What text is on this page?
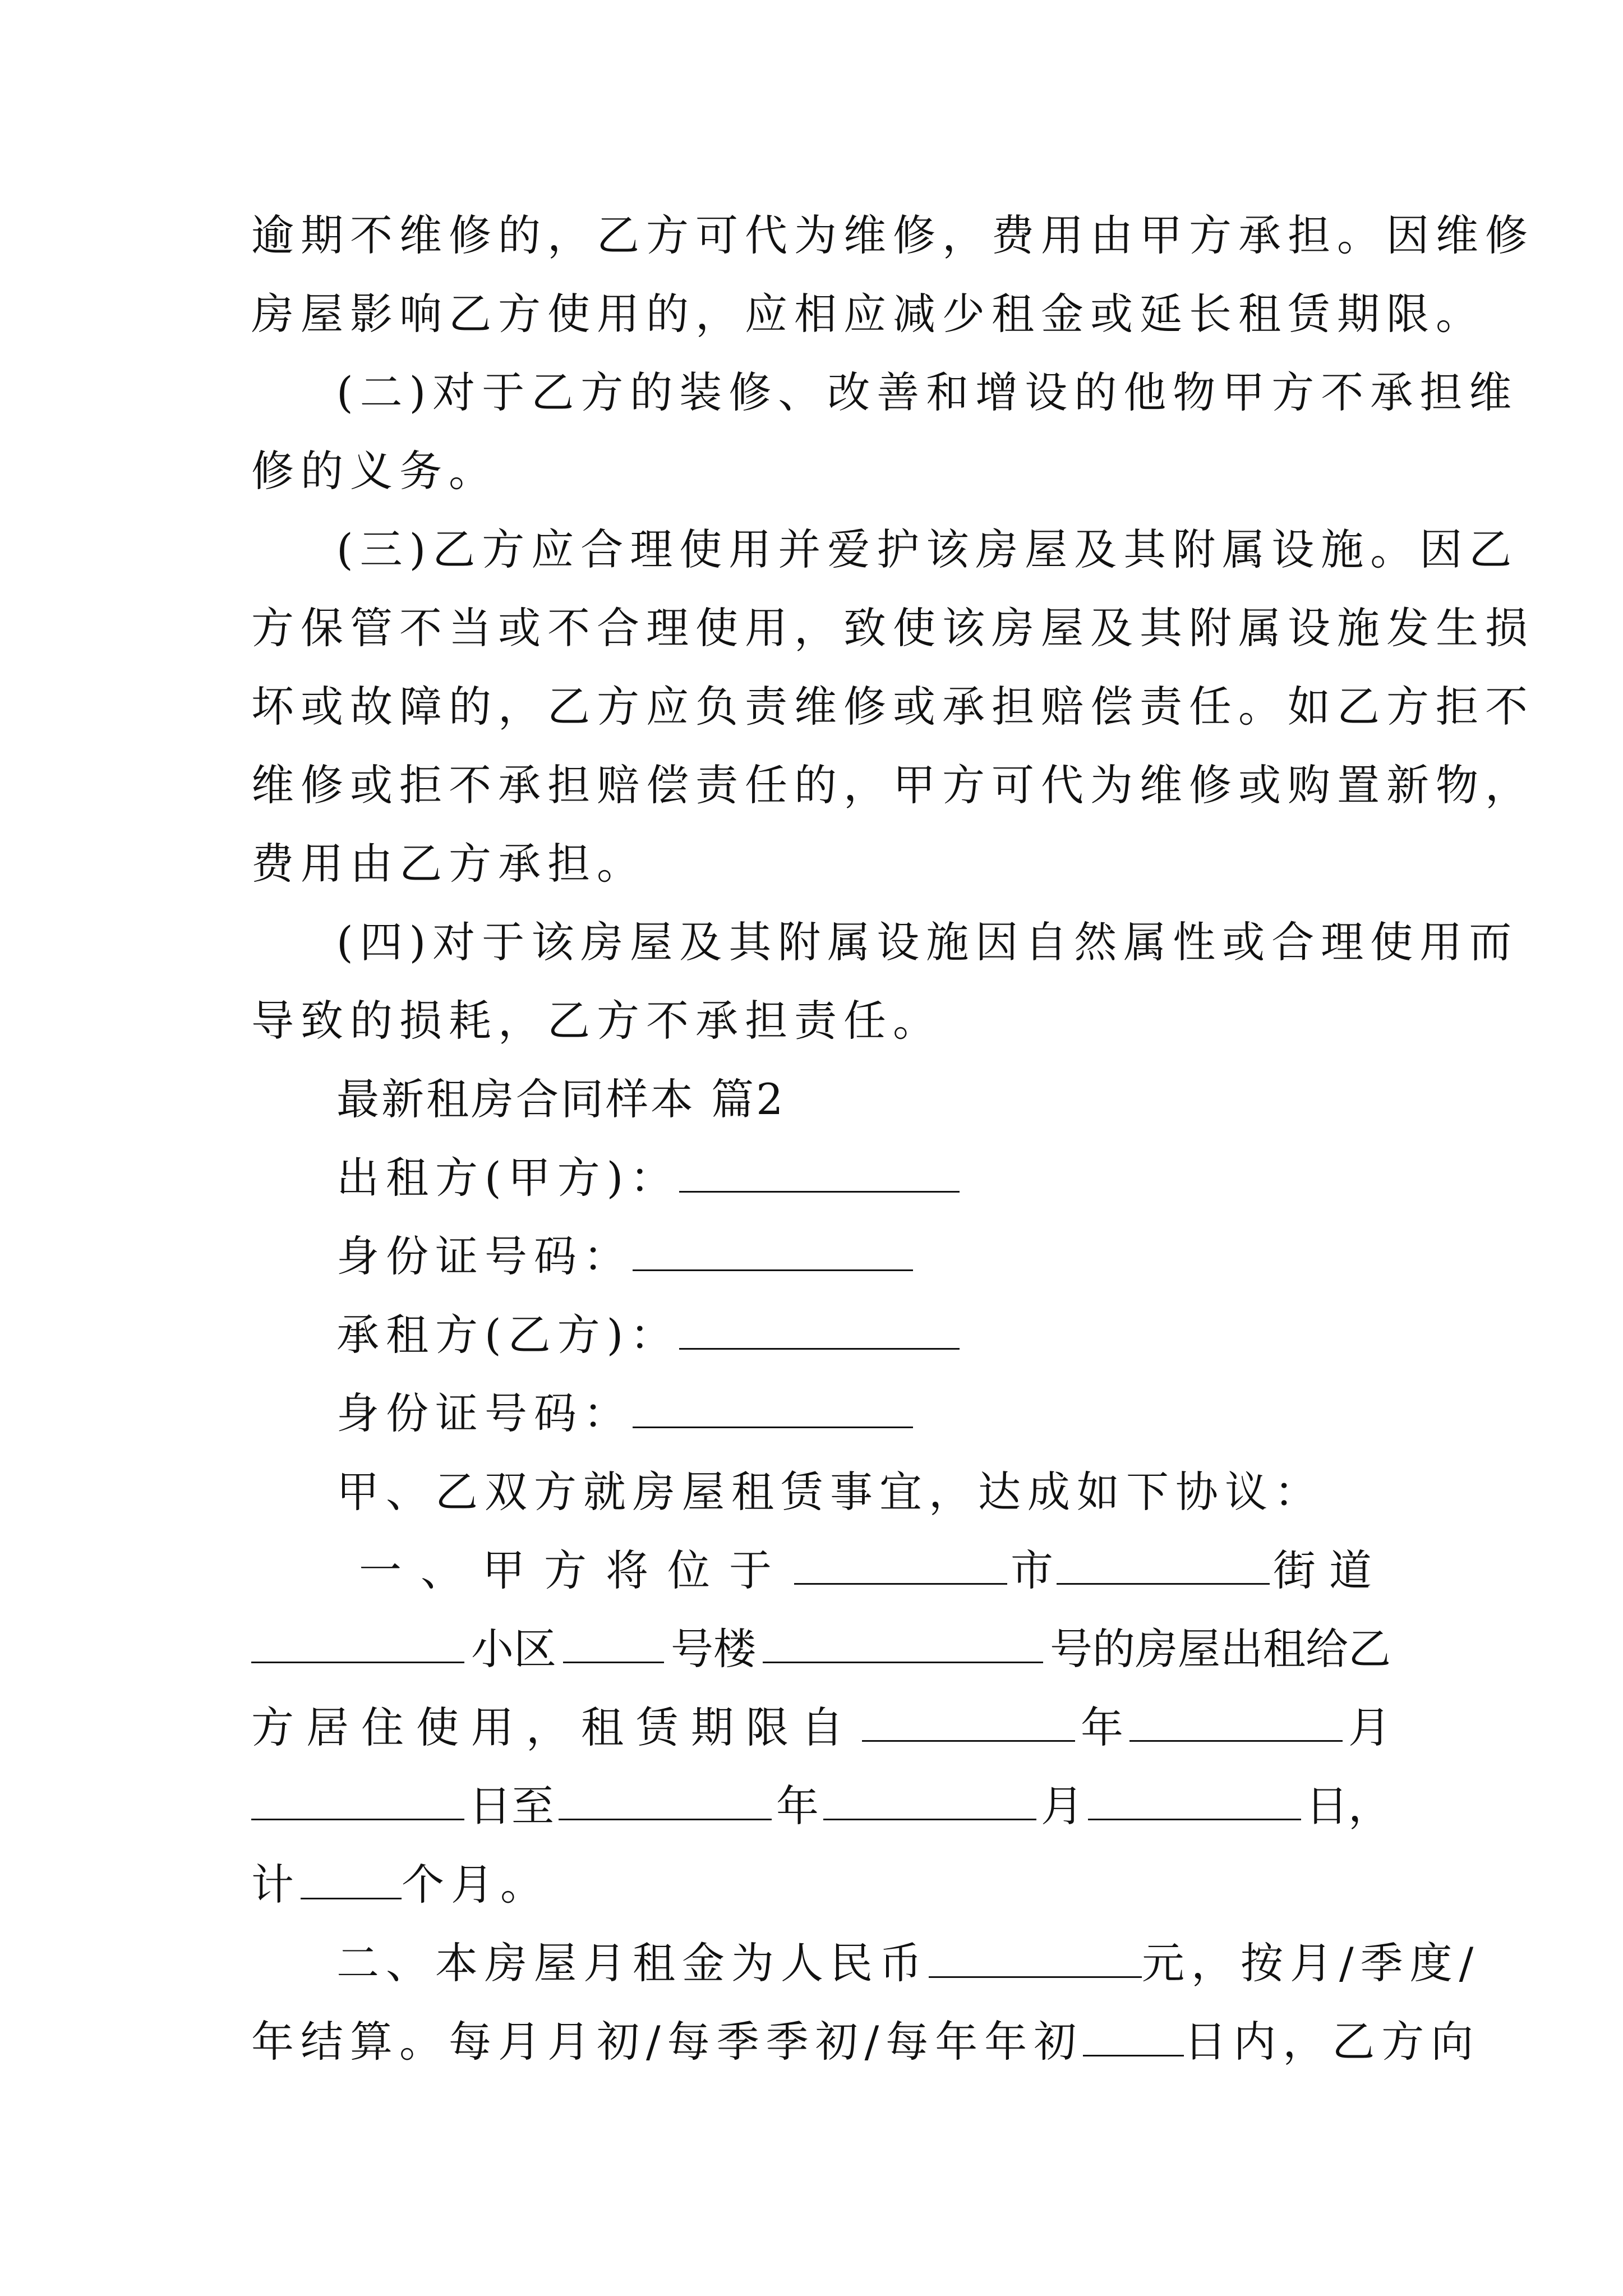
逾期不维修的，乙方可代为维修，费用由甲方承担。因维修
房屋影响乙方使用的，应相应减少租金或延长租赁期限。
(二)对于乙方的装修、改善和增设的他物甲方不承担维
修的义务。
(三)乙方应合理使用并爱护该房屋及其附属设施。因乙
方保管不当或不合理使用，致使该房屋及其附属设施发生损
坏或故障的，乙方应负责维修或承担赔偿责任。如乙方拒不
维修或拒不承担赔偿责任的，甲方可代为维修或购置新物，
费用由乙方承担。
(四)对于该房屋及其附属设施因自然属性或合理使用而
导致的损耗，乙方不承担责任。
最新租房合同样本 篇2
出租方(甲方)：
身份证号码：
承租方(乙方)：
身份证号码：
甲、乙双方就房屋租赁事宜，达成如下协议：
一、甲方将位于	市	街道
小区	号楼	号的房屋出租给乙
方居住使用，租赁期限自	年	月
日至	年	月	日，
计 个月。
二、本房屋月租金为人民币	元，按月/季度/
年结算。每月月初/每季季初/每年年初 日内，乙方向
